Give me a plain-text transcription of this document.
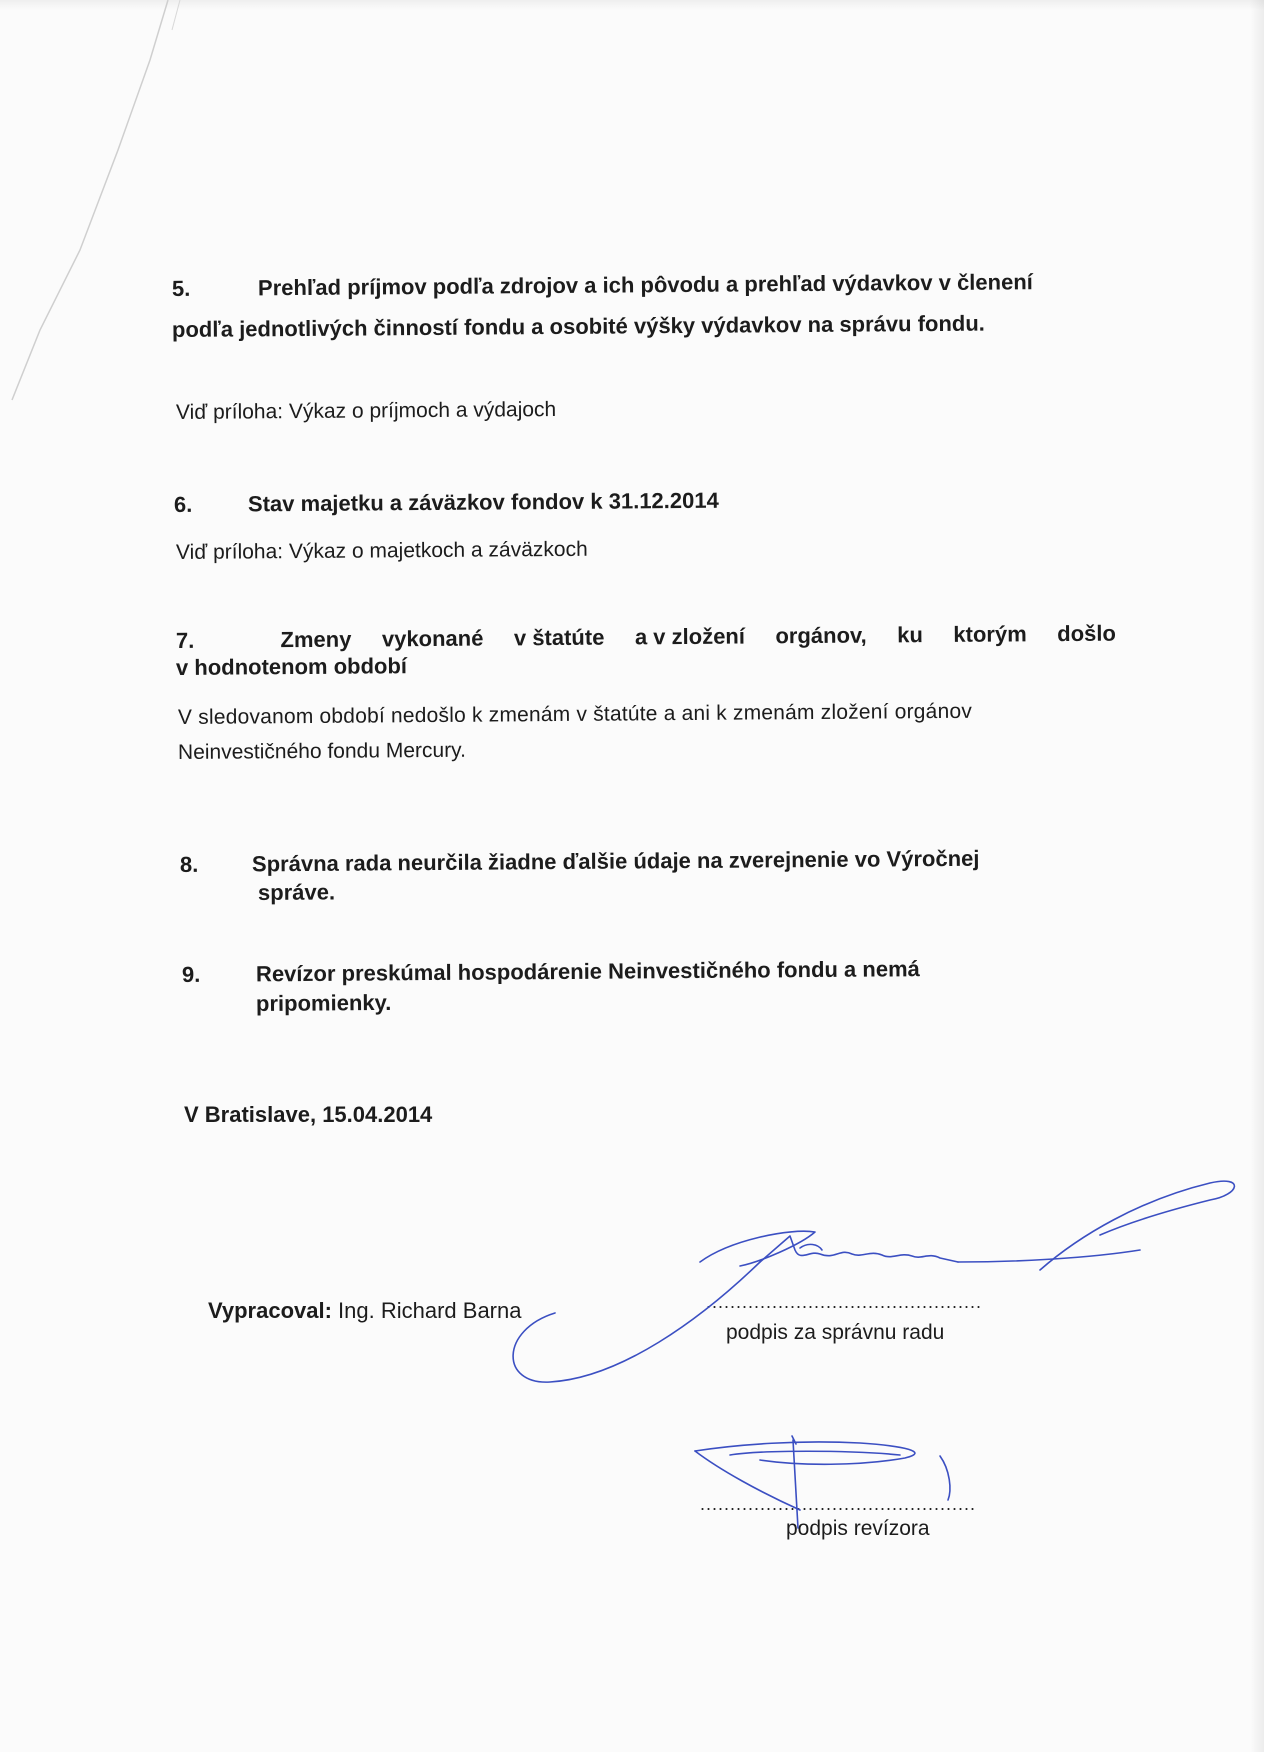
5.	Prehľad príjmov podľa zdrojov a ich pôvodu a prehľad výdavkov v členení
podľa jednotlivých činností fondu a osobité výšky výdavkov na správu fondu.
Viď príloha: Výkaz o príjmoch a výdajoch
6.	Stav majetku a záväzkov fondov k 31.12.2014
Viď príloha: Výkaz o majetkoch a záväzkoch
7.	Zmeny vykonané v štatúte a v zložení orgánov, ku ktorým došlo
v hodnotenom období
V sledovanom období nedošlo k zmenám v štatúte a ani k zmenám zložení orgánov
Neinvestičného fondu Mercury.
8. Správna rada neurčila žiadne ďalšie údaje na zverejnenie vo Výročnej
správe.
9.	Revízor preskúmal hospodárenie Neinvestičného fondu a nemá
pripomienky.
V Bratislave, 15.04.2014
Vypracoval: Ing. Richard Barna	..............................................
podpis za správnu radu
..............................................
podpis revízora
